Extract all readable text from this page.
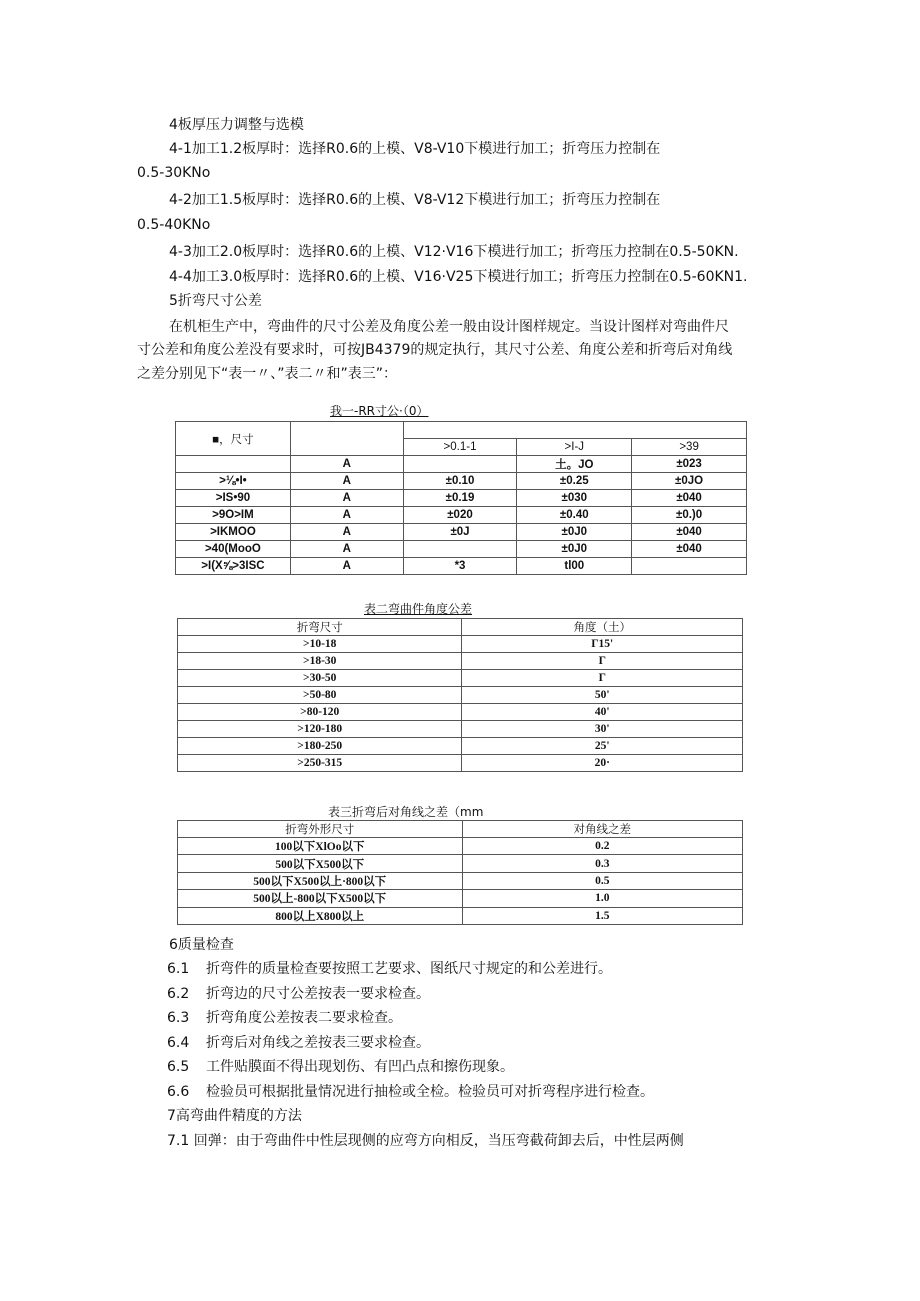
4板厚压力调整与选模
4-1加工1.2板厚时：选择R0.6的上模、V8-V10下模进行加工；折弯压力控制在
0.5-30KNo
4-2加工1.5板厚时：选择R0.6的上模、V8-V12下模进行加工；折弯压力控制在
0.5-40KNo
4-3加工2.0板厚时：选择R0.6的上模、V12·V16下模进行加工；折弯压力控制在0.5-50KN.
4-4加工3.0板厚时：选择R0.6的上模、V16·V25下模进行加工；折弯压力控制在0.5-60KN1.
5折弯尺寸公差
在机柜生产中，弯曲件的尺寸公差及角度公差一般由设计图样规定。当设计图样对弯曲件尺
寸公差和角度公差没有要求时，可按JB4379的规定执行，其尺寸公差、角度公差和折弯后对角线
之差分别见下“表一〃、”表二〃和”表三”：
我一-RR寸公·（0）
■，尺寸				
		>0.1-1	>I-J	>39
	A		土。JO	±023
>⅛•I•	A	±0.10	±0.25	±0JO
>IS•90	A	±0.19	±030	±040
>9O>IM	A	±020	±0.40	±0.)0
>IKMOO	A	±0J	±0J0	±040
>40(MooO	A		±0J0	±040
>I(X⅝>3ISC	A	*3	tl00	
表二弯曲件角度公差
折弯尺寸	角度（土）
>10-18	Γ15'
>18-30	Γ
>30-50	Γ
>50-80	50'
>80-120	40'
>120-180	30'
>180-250	25'
>250-315	20·
表三折弯后对角线之差（mm
折弯外形尺寸	对角线之差
100以下XlOo以下	0.2
500以下X500以下	0.3
500以下X500以上·800以下	0.5
500以上-800以下X500以下	1.0
800以上X800以上	1.5
6质量检查
6.1 折弯件的质量检查要按照工艺要求、图纸尺寸规定的和公差进行。
6.2 折弯边的尺寸公差按表一要求检查。
6.3 折弯角度公差按表二要求检查。
6.4 折弯后对角线之差按表三要求检查。
6.5 工件贴膜面不得出现划伤、有凹凸点和擦伤现象。
6.6 检验员可根据批量情况进行抽检或全检。检验员可对折弯程序进行检查。
7高弯曲件精度的方法
7.1 回弹：由于弯曲件中性层现侧的应弯方向相反，当压弯截荷卸去后，中性层两侧
